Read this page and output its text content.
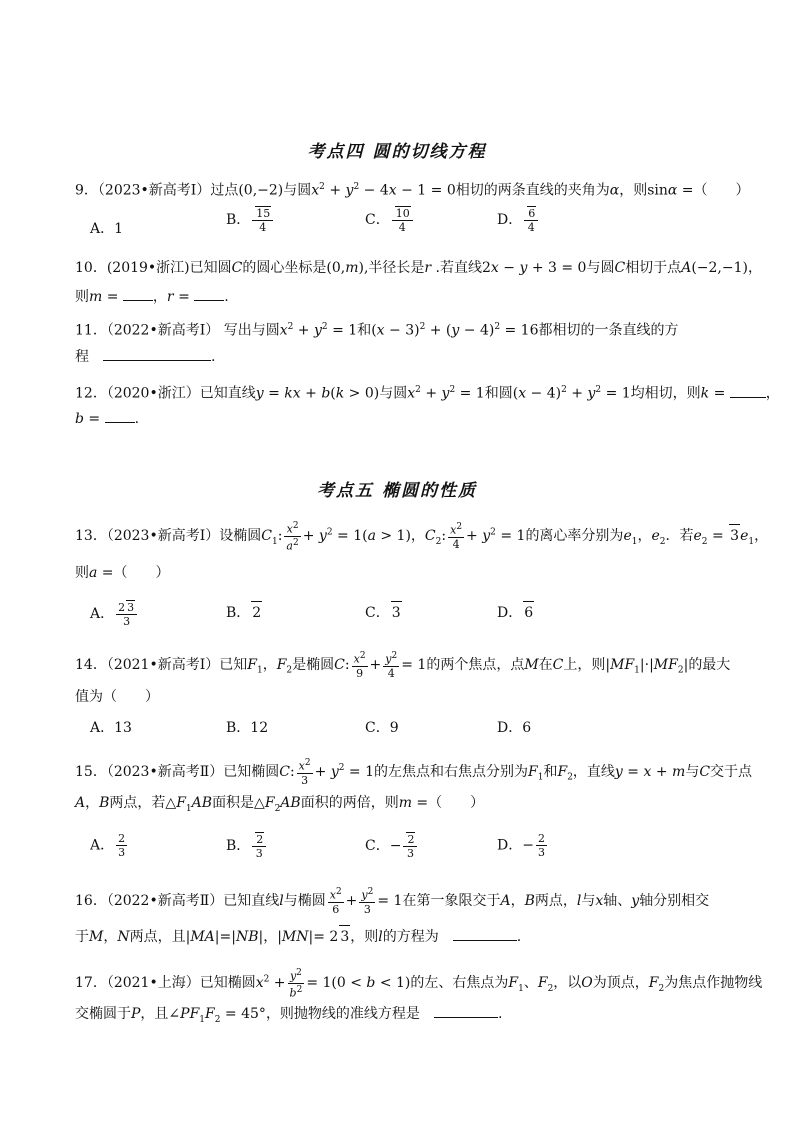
考点四 圆的切线方程
9．（2023•新高考Ⅰ）过点(0,−2)与圆$x^2 + y^2 - 4x - 1 = 0$相切的两条直线的夹角为α，则sinα =（　　）
A．1
B． $\frac{15}{4}$	C． $\frac{10}{4}$	D． $\frac{6}{4}$
10．(2019•浙江)已知圆C的圆心坐标是(0,m),半径长是r .若直线2x − y + 3 = 0与圆C相切于点A(−2,−1)，
则m = ，r = .
11．（2022•新高考Ⅰ） 写出与圆$x^2 + y^2 = 1$和$(x - 3)^2 + (y - 4)^2 = 16$都相切的一条直线的方
程　	.
12．（2020•浙江）已知直线y = kx + b(k > 0)与圆$x^2 + y^2 = 1$和圆$(x - 4)^2 + y^2 = 1$均相切，则k =	，
b = .
考点五 椭圆的性质
13．（2023•新高考Ⅰ）设椭圆$C_1$: $\frac{x^2}{a^2} + y^2 = 1(a > 1)$，$C_2$: $\frac{x^2}{4} + y^2 = 1$的离心率分别为$e_1$，$e_2$．若$e_2 = 3e_1$，
则a =（　　）
A． $\frac{2 3}{3}$	B． 2	C． 3	D． 6
14．（2021•新高考Ⅰ）已知$F_1$，$F_2$是椭圆C: $\frac{x^2}{9} + \frac{y^2}{4} = 1$的两个焦点，点M在C上，则$|MF_1|\cdot|MF_2|$的最大
值为（　　）
A．13	B．12	C．9	D．6
15．（2023•新高考Ⅱ）已知椭圆C: $\frac{x^2}{3} + y^2 = 1$的左焦点和右焦点分别为$F_1$和$F_2$，直线y = x + m与C交于点
A，B两点，若$\triangle F_1AB$面积是$\triangle F_2AB$面积的两倍，则m =（　　）
A． $\frac{2}{3}$	B． $\frac{2}{3}$	C．− $\frac{2}{3}$	D．− $\frac{2}{3}$
16．（2022•新高考Ⅱ）已知直线l与椭圆 $\frac{x^2}{6} + \frac{y^2}{3} = 1$在第一象限交于A，B两点，l与x轴、y轴分别相交
于M，N两点，且|MA|=|NB|，|MN|= 2 3，则l的方程为　	.
17．（2021•上海）已知椭圆$x^2 + \frac{y^2}{b^2} = 1(0 < b < 1)$的左、右焦点为$F_1$、$F_2$，以O为顶点，$F_2$为焦点作抛物线
交椭圆于P，且$\angle PF_1F_2 = 45^\circ$，则抛物线的准线方程是　	.
